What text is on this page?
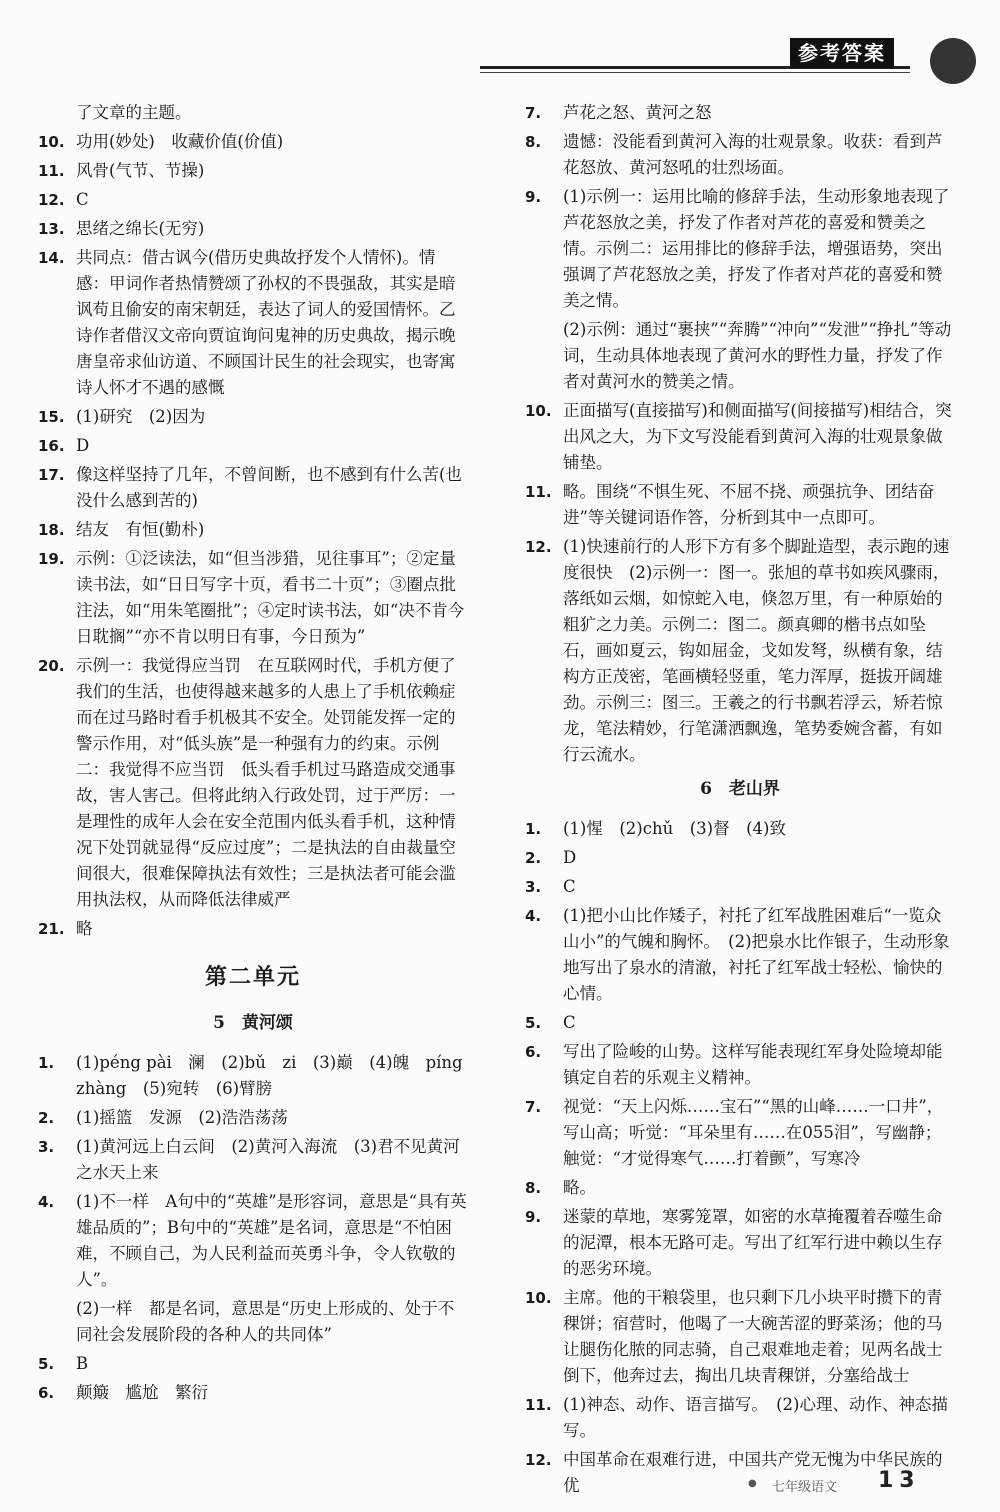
参考答案
了文章的主题。
10. 功用(妙处)　收藏价值(价值)
11. 风骨(气节、节操)
12. C
13. 思绪之绵长(无穷)
14. 共同点：借古讽今(借历史典故抒发个人情怀)。情感：甲词作者热情赞颂了孙权的不畏强敌，其实是暗讽苟且偷安的南宋朝廷，表达了词人的爱国情怀。乙诗作者借汉文帝向贾谊询问鬼神的历史典故，揭示晚唐皇帝求仙访道、不顾国计民生的社会现实，也寄寓诗人怀才不遇的感慨
15. (1)研究　(2)因为
16. D
17. 像这样坚持了几年，不曾间断，也不感到有什么苦(也没什么感到苦的)
18. 结友　有恒(勤朴)
19. 示例：①泛读法，如“但当涉猎，见往事耳”；②定量读书法，如“日日写字十页，看书二十页”；③圈点批注法，如“用朱笔圈批”；④定时读书法，如“决不肯今日耽搁”“亦不肯以明日有事，今日预为”
20. 示例一：我觉得应当罚　在互联网时代，手机方便了我们的生活，也使得越来越多的人患上了手机依赖症　而在过马路时看手机极其不安全。处罚能发挥一定的警示作用，对“低头族”是一种强有力的约束。示例二：我觉得不应当罚　低头看手机过马路造成交通事故，害人害己。但将此纳入行政处罚，过于严厉：一是理性的成年人会在安全范围内低头看手机，这种情况下处罚就显得“反应过度”；二是执法的自由裁量空间很大，很难保障执法有效性；三是执法者可能会滥用执法权，从而降低法律威严
21. 略
第二单元
5　黄河颂
1. (1)péng pài　澜　(2)bǔ　zi　(3)巅　(4)魄　píng zhàng　(5)宛转　(6)臂膀
2. (1)摇篮　发源　(2)浩浩荡荡
3. (1)黄河远上白云间　(2)黄河入海流　(3)君不见黄河之水天上来
4. (1)不一样　A句中的“英雄”是形容词，意思是“具有英雄品质的”；B句中的“英雄”是名词，意思是“不怕困难，不顾自己，为人民利益而英勇斗争，令人钦敬的人”。
(2)一样　都是名词，意思是“历史上形成的、处于不同社会发展阶段的各种人的共同体”
5. B
6. 颠簸　尴尬　繁衍
7. 芦花之怒、黄河之怒
8. 遗憾：没能看到黄河入海的壮观景象。收获：看到芦花怒放、黄河怒吼的壮烈场面。
9. (1)示例一：运用比喻的修辞手法，生动形象地表现了芦花怒放之美，抒发了作者对芦花的喜爱和赞美之情。示例二：运用排比的修辞手法，增强语势，突出强调了芦花怒放之美，抒发了作者对芦花的喜爱和赞美之情。
(2)示例：通过“裹挟”“奔腾”“冲向”“发泄”“挣扎”等动词，生动具体地表现了黄河水的野性力量，抒发了作者对黄河水的赞美之情。
10. 正面描写(直接描写)和侧面描写(间接描写)相结合，突出风之大，为下文写没能看到黄河入海的壮观景象做铺垫。
11. 略。围绕“不惧生死、不屈不挠、顽强抗争、团结奋进”等关键词语作答，分析到其中一点即可。
12. (1)快速前行的人形下方有多个脚趾造型，表示跑的速度很快　(2)示例一：图一。张旭的草书如疾风骤雨，落纸如云烟，如惊蛇入电，倏忽万里，有一种原始的粗犷之力美。示例二：图二。颜真卿的楷书点如坠石，画如夏云，钩如屈金，戈如发弩，纵横有象，结构方正茂密，笔画横轻竖重，笔力浑厚，挺拔开阔雄劲。示例三：图三。王羲之的行书飘若浮云，矫若惊龙，笔法精妙，行笔潇洒飘逸，笔势委婉含蓄，有如行云流水。
6　老山界
1. (1)惺　(2)chǔ　(3)督　(4)致
2. D
3. C
4. (1)把小山比作矮子，衬托了红军战胜困难后“一览众山小”的气魄和胸怀。　(2)把泉水比作银子，生动形象地写出了泉水的清澈，衬托了红军战士轻松、愉快的心情。
5. C
6. 写出了险峻的山势。这样写能表现红军身处险境却能镇定自若的乐观主义精神。
7. 视觉：“天上闪烁……宝石”“黑的山峰……一口井”，写山高；听觉：“耳朵里有……在055泪”，写幽静；触觉：“才觉得寒气……打着颤”，写寒冷
8. 略。
9. 迷蒙的草地，寒雾笼罩，如密的水草掩覆着吞噬生命的泥潭，根本无路可走。写出了红军行进中赖以生存的恶劣环境。
10. 主席。他的干粮袋里，也只剩下几小块平时攒下的青稞饼；宿营时，他喝了一大碗苦涩的野菜汤；他的马让腿伤化脓的同志骑，自己艰难地走着；见两名战士倒下，他奔过去，掏出几块青稞饼，分塞给战士
11. (1)神态、动作、语言描写。　(2)心理、动作、神态描写。
12. 中国革命在艰难行进，中国共产党无愧为中华民族的优	● 七年级语文 13
